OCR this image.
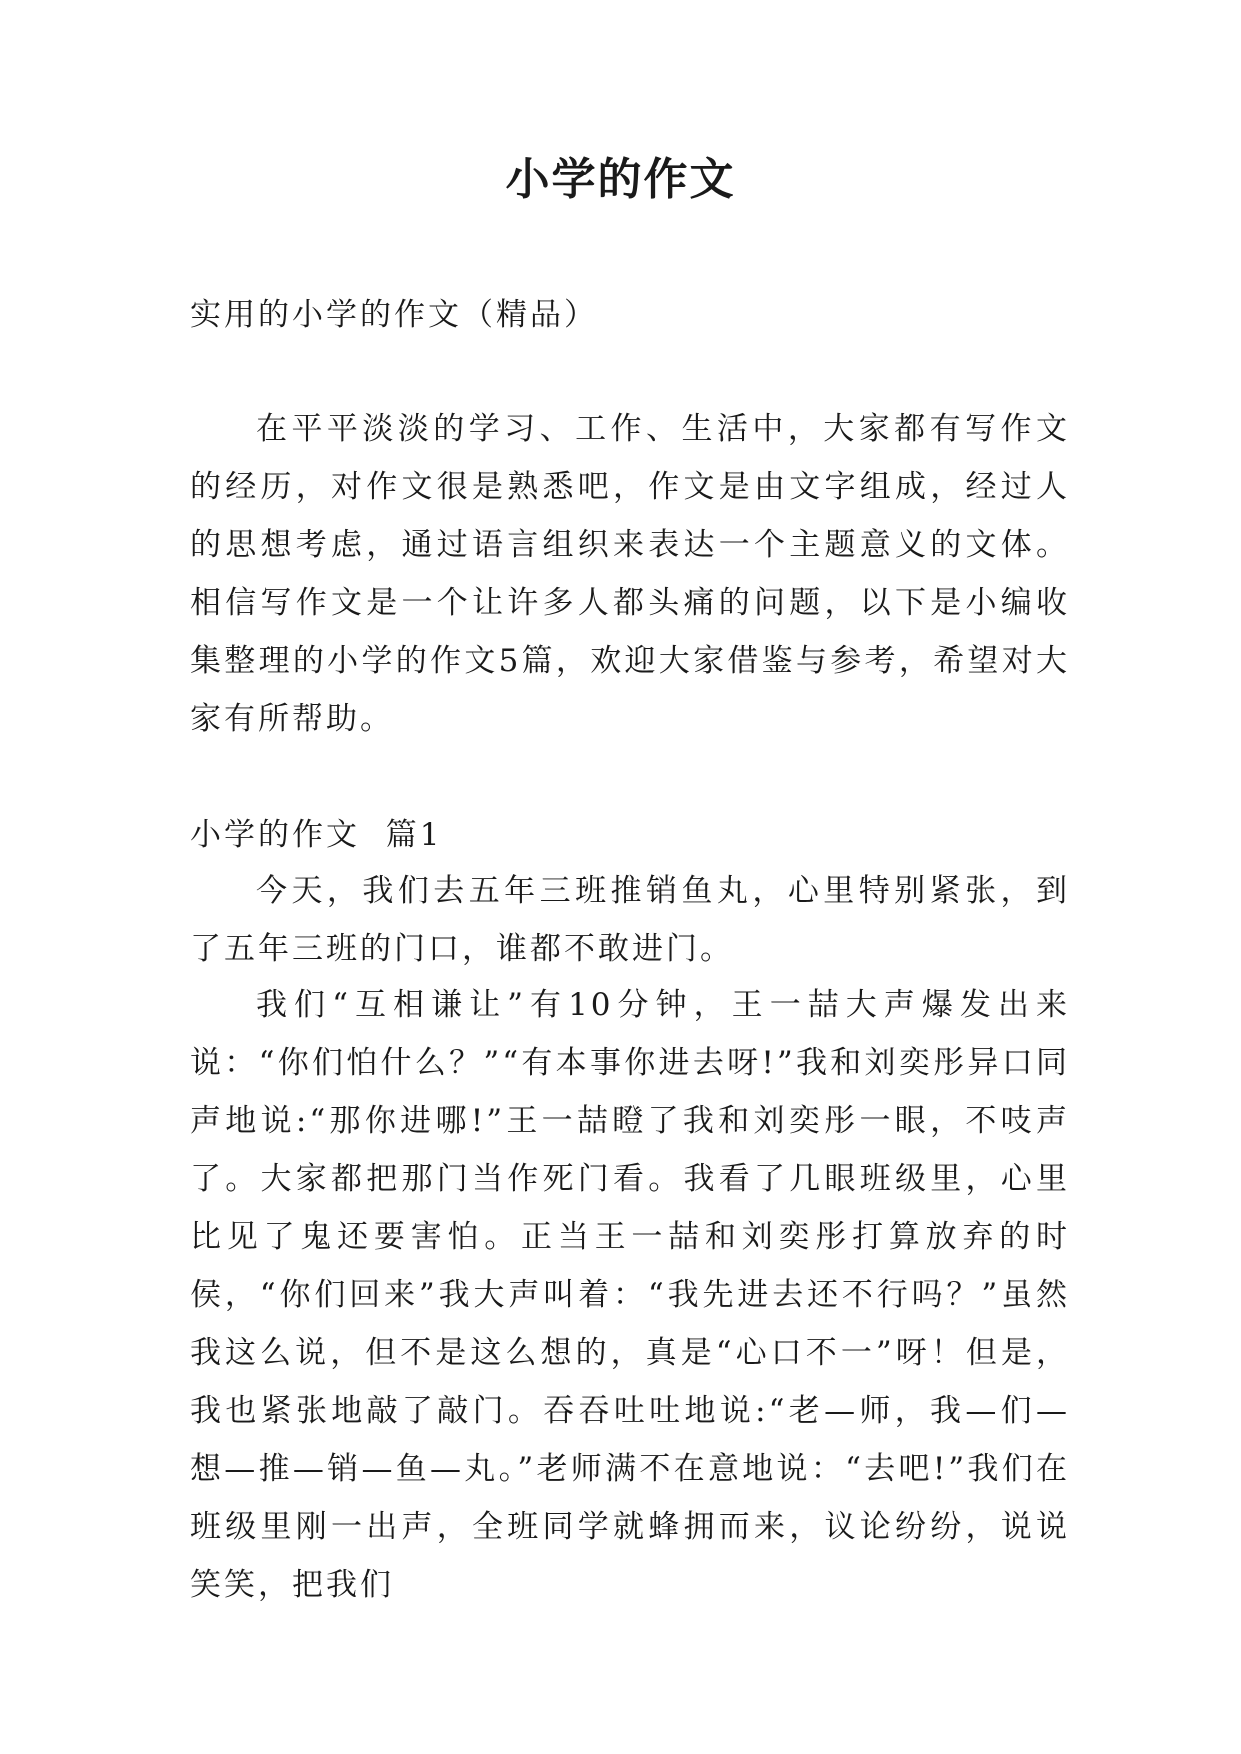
小学的作文
实用的小学的作文（精品）
在平平淡淡的学习、工作、生活中，大家都有写作文的经历，对作文很是熟悉吧，作文是由文字组成，经过人的思想考虑，通过语言组织来表达一个主题意义的文体。相信写作文是一个让许多人都头痛的问题，以下是小编收集整理的小学的作文5篇，欢迎大家借鉴与参考，希望对大家有所帮助。
小学的作文  篇1
今天，我们去五年三班推销鱼丸，心里特别紧张，到了五年三班的门口，谁都不敢进门。
我们“互相谦让”有10分钟，王一喆大声爆发出来说：“你们怕什么？”“有本事你进去呀!”我和刘奕彤异口同声地说:“那你进哪!”王一喆瞪了我和刘奕彤一眼，不吱声了。大家都把那门当作死门看。我看了几眼班级里，心里比见了鬼还要害怕。正当王一喆和刘奕彤打算放弃的时侯，“你们回来”我大声叫着：“我先进去还不行吗？”虽然我这么说，但不是这么想的，真是“心口不一”呀！但是，我也紧张地敲了敲门。吞吞吐吐地说:“老—师，我—们—想—推—销—鱼—丸。”老师满不在意地说：“去吧!”我们在班级里刚一出声，全班同学就蜂拥而来，议论纷纷，说说笑笑，把我们
